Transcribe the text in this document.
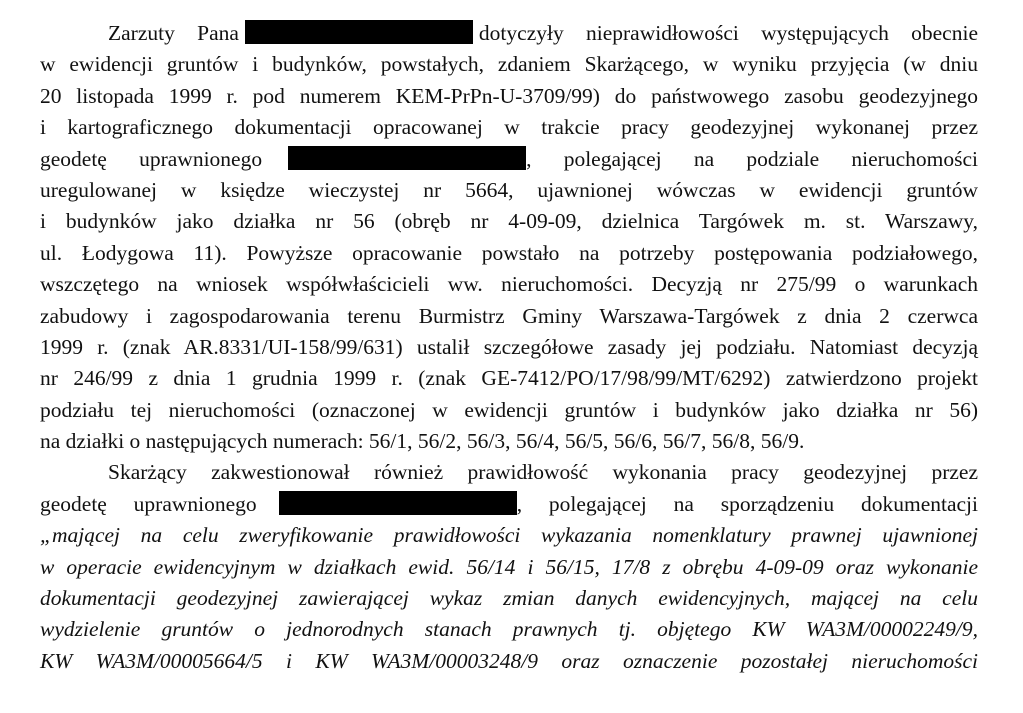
Zarzuty Pana	dotyczyły nieprawidłowości występujących obecnie
w ewidencji gruntów i budynków, powstałych, zdaniem Skarżącego, w wyniku przyjęcia (w dniu
20 listopada 1999 r. pod numerem KEM-PrPn-U-3709/99) do państwowego zasobu geodezyjnego
i kartograficznego dokumentacji opracowanej w trakcie pracy geodezyjnej wykonanej przez
geodetę uprawnionego	, polegającej na podziale nieruchomości
uregulowanej w księdze wieczystej nr 5664, ujawnionej wówczas w ewidencji gruntów
i budynków jako działka nr 56 (obręb nr 4-09-09, dzielnica Targówek m. st. Warszawy,
ul. Łodygowa 11). Powyższe opracowanie powstało na potrzeby postępowania podziałowego,
wszczętego na wniosek współwłaścicieli ww. nieruchomości. Decyzją nr 275/99 o warunkach
zabudowy i zagospodarowania terenu Burmistrz Gminy Warszawa-Targówek z dnia 2 czerwca
1999 r. (znak AR.8331/UI-158/99/631) ustalił szczegółowe zasady jej podziału. Natomiast decyzją
nr 246/99 z dnia 1 grudnia 1999 r. (znak GE-7412/PO/17/98/99/MT/6292) zatwierdzono projekt
podziału tej nieruchomości (oznaczonej w ewidencji gruntów i budynków jako działka nr 56)
na działki o następujących numerach: 56/1, 56/2, 56/3, 56/4, 56/5, 56/6, 56/7, 56/8, 56/9.
Skarżący zakwestionował również prawidłowość wykonania pracy geodezyjnej przez
geodetę uprawnionego	, polegającej na sporządzeniu dokumentacji
„mającej na celu zweryfikowanie prawidłowości wykazania nomenklatury prawnej ujawnionej
w operacie ewidencyjnym w działkach ewid. 56/14 i 56/15, 17/8 z obrębu 4-09-09 oraz wykonanie
dokumentacji geodezyjnej zawierającej wykaz zmian danych ewidencyjnych, mającej na celu
wydzielenie gruntów o jednorodnych stanach prawnych tj. objętego KW WA3M/00002249/9,
KW WA3M/00005664/5 i KW WA3M/00003248/9 oraz oznaczenie pozostałej nieruchomości
